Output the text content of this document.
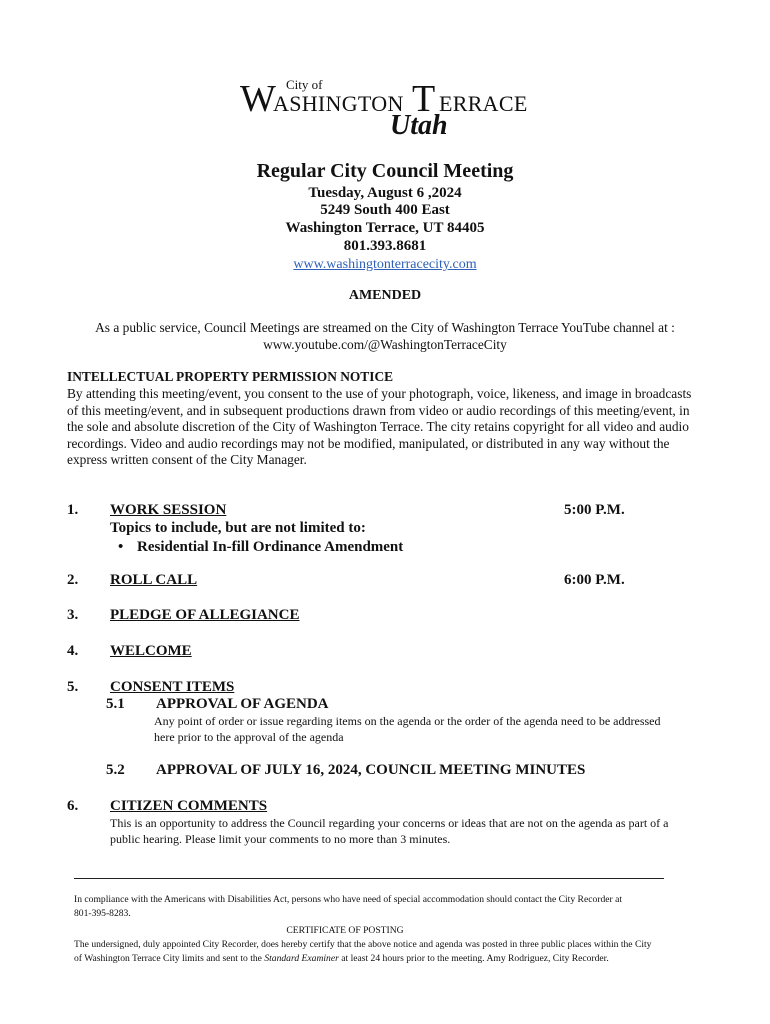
City of
W
ASHINGTON T ERRACE
Utah
Regular City Council Meeting
Tuesday, August 6 ,2024
5249 South 400 East
Washington Terrace, UT 84405
801.393.8681
www.washingtonterracecity.com
AMENDED
As a public service, Council Meetings are streamed on the City of Washington Terrace YouTube channel at :
www.youtube.com/@WashingtonTerraceCity
INTELLECTUAL PROPERTY PERMISSION NOTICE
By attending this meeting/event, you consent to the use of your photograph, voice, likeness, and image in broadcasts
of this meeting/event, and in subsequent productions drawn from video or audio recordings of this meeting/event, in
the sole and absolute discretion of the City of Washington Terrace. The city retains copyright for all video and audio
recordings. Video and audio recordings may not be modified, manipulated, or distributed in any way without the
express written consent of the City Manager.
1. WORK SESSION	5:00 P.M.
Topics to include, but are not limited to:
• Residential In-fill Ordinance Amendment
2. ROLL CALL	6:00 P.M.
3. PLEDGE OF ALLEGIANCE
4. WELCOME
5. CONSENT ITEMS
5.1 APPROVAL OF AGENDA
Any point of order or issue regarding items on the agenda or the order of the agenda need to be addressed
here prior to the approval of the agenda
5.2 APPROVAL OF JULY 16, 2024, COUNCIL MEETING MINUTES
6. CITIZEN COMMENTS
This is an opportunity to address the Council regarding your concerns or ideas that are not on the agenda as part of a
public hearing. Please limit your comments to no more than 3 minutes.
In compliance with the Americans with Disabilities Act, persons who have need of special accommodation should contact the City Recorder at
801-395-8283.
CERTIFICATE OF POSTING
The undersigned, duly appointed City Recorder, does hereby certify that the above notice and agenda was posted in three public places within the City
of Washington Terrace City limits and sent to the Standard Examiner at least 24 hours prior to the meeting. Amy Rodriguez, City Recorder.
